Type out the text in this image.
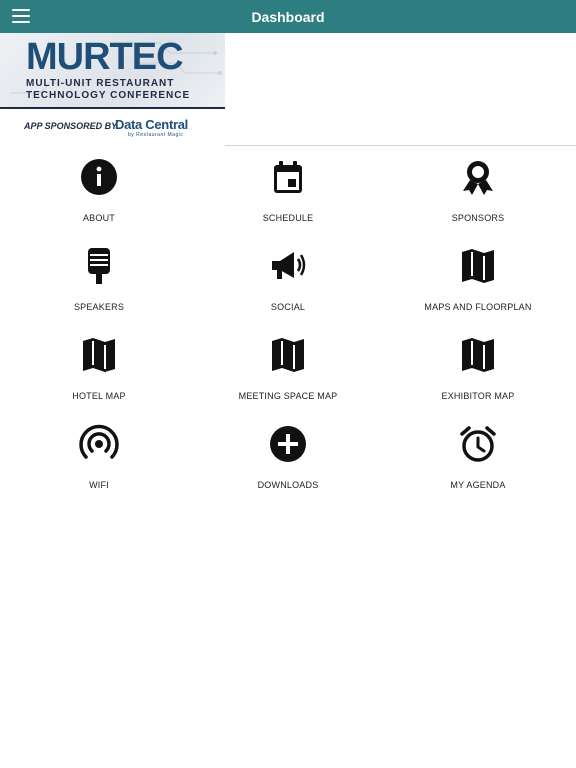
Dashboard
MURTEC
MULTI-UNIT RESTAURANT
TECHNOLOGY CONFERENCE
APP SPONSORED BY
Data Central
by Restaurant Magic
ABOUT	SCHEDULE	SPONSORS
SPEAKERS	SOCIAL	MAPS AND FLOORPLAN
HOTEL MAP	MEETING SPACE MAP	EXHIBITOR MAP
WIFI	DOWNLOADS	MY AGENDA
